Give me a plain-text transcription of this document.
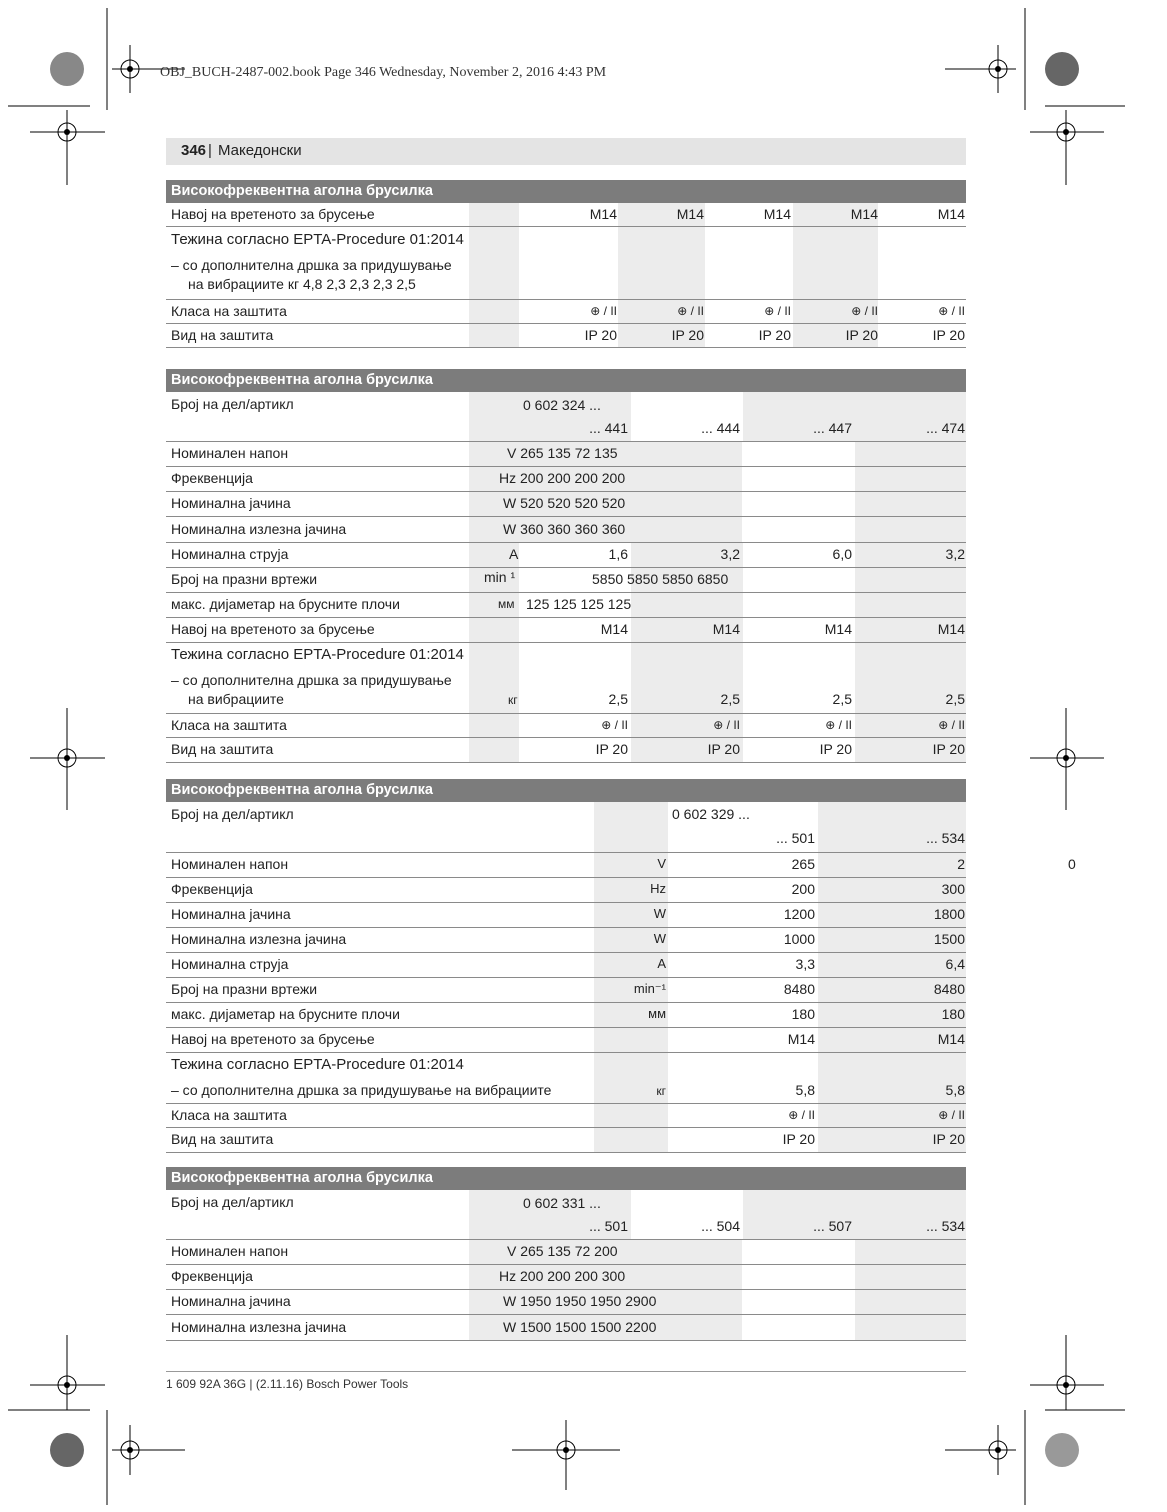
OBJ_BUCH-2487-002.book Page 346 Wednesday, November 2, 2016 4:43 PM
346 | Македонски
Високофреквентна аголна брусилка
Навој на вретеното за брусење	M14	M14	M14	M14	M14
Тежина согласно EPTA-Procedure 01:2014
– со дополнителна дршка за придушување
на вибрациите кг 4,8 2,3 2,3 2,3 2,5
Класа на заштита	⊕ / II	⊕ / II	⊕ / II	⊕ / II	⊕ / II
Вид на заштита	IP 20	IP 20	IP 20	IP 20	IP 20
Високофреквентна аголна брусилка
Број на дел/артикл	0 602 324 ...
... 441	... 444	... 447	... 474
Номинален напон	V 265 135 72 135
Фреквенција	Hz 200 200 200 200
Номинална јачина	W 520 520 520 520
Номинална излезна јачина	W 360 360 360 360
Номинална струја	A	1,6	3,2	6,0	3,2
Број на празни вртежи	min ¹	5850 5850 5850 6850
макс. дијаметар на брусните плочи	мм 125 125 125 125
Навој на вретеното за брусење	M14	M14	M14	M14
Тежина согласно EPTA-Procedure 01:2014
– со дополнителна дршка за придушување
на вибрациите	кг	2,5	2,5	2,5	2,5
Класа на заштита	⊕ / II	⊕ / II	⊕ / II	⊕ / II
Вид на заштита	IP 20	IP 20	IP 20	IP 20
Високофреквентна аголна брусилка
Број на дел/артикл	0 602 329 ...
... 501	... 534
Номинален напон	V	265	2
Фреквенција	Hz	200	300
Номинална јачина	W	1200	1800
Номинална излезна јачина	W	1000	1500
Номинална струја	A	3,3	6,4
Број на празни вртежи	min⁻¹	8480	8480
макс. дијаметар на брусните плочи	мм	180	180
Навој на вретеното за брусење	M14	M14
Тежина согласно EPTA-Procedure 01:2014
– со дополнителна дршка за придушување на вибрациите	кг	5,8	5,8
Класа на заштита	⊕ / II	⊕ / II
Вид на заштита	IP 20	IP 20
0
Високофреквентна аголна брусилка
Број на дел/артикл	0 602 331 ...
... 501	... 504	... 507	... 534
Номинален напон	V 265 135 72 200
Фреквенција	Hz 200 200 200 300
Номинална јачина	W 1950 1950 1950 2900
Номинална излезна јачина	W 1500 1500 1500 2200
1 609 92A 36G | (2.11.16) Bosch Power Tools
